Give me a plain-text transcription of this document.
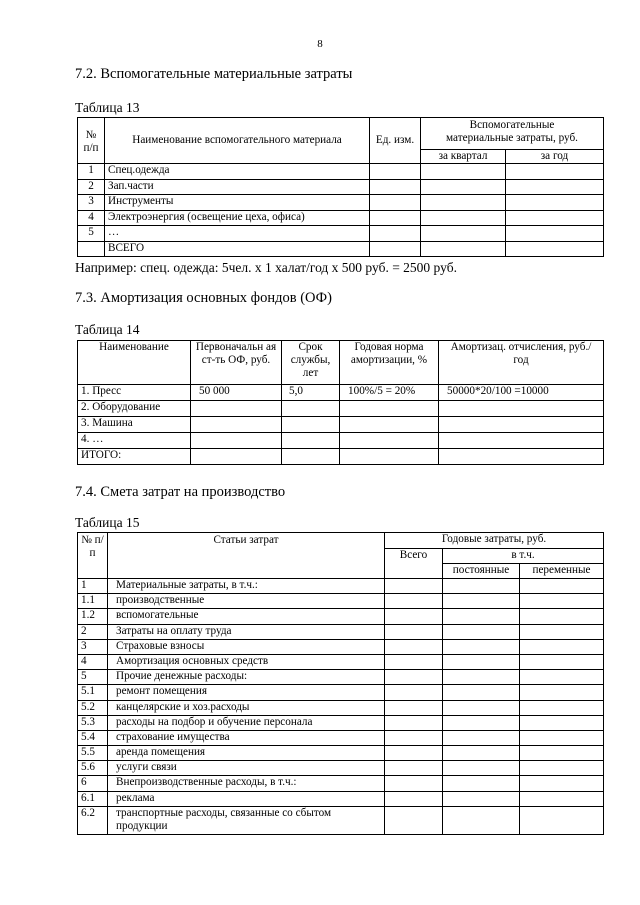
8
7.2. Вспомогательные материальные затраты
Таблица 13
№ п/п	Наименование вспомогательного материала	Ед. изм.	Вспомогательные материальные затраты, руб.	
			за квартал	за год
1	Спец.одежда			
2	Зап.части			
3	Инструменты			
4	Электроэнергия (освещение цеха, офиса)			
5	…			
	ВСЕГО			
Например: спец. одежда: 5чел. х 1 халат/год х 500 руб. = 2500 руб.
7.3. Амортизация основных фондов (ОФ)
Таблица 14
Наименование	Первоначальн ая ст-ть ОФ, руб.	Срок службы, лет	Годовая норма амортизации, %	Амортизац. отчисления, руб./год
1. Пресс	50 000	5,0	100%/5 = 20%	50000*20/100 =10000
2. Оборудование				
3. Машина				
4. …				
ИТОГО:				
7.4. Смета затрат на производство
Таблица 15
№ п/п	Статьи затрат	Годовые затраты, руб.		
		Всего	в т.ч.	
			постоянные	переменные
1	Материальные затраты, в т.ч.:			
1.1	производственные			
1.2	вспомогательные			
2	Затраты на оплату труда			
3	Страховые взносы			
4	Амортизация основных средств			
5	Прочие денежные расходы:			
5.1	ремонт помещения			
5.2	канцелярские и хоз.расходы			
5.3	расходы на подбор и обучение персонала			
5.4	страхование имущества			
5.5	аренда помещения			
5.6	услуги связи			
6	Внепроизводственные расходы, в т.ч.:			
6.1	реклама			
6.2	транспортные расходы, связанные со сбытом продукции			
